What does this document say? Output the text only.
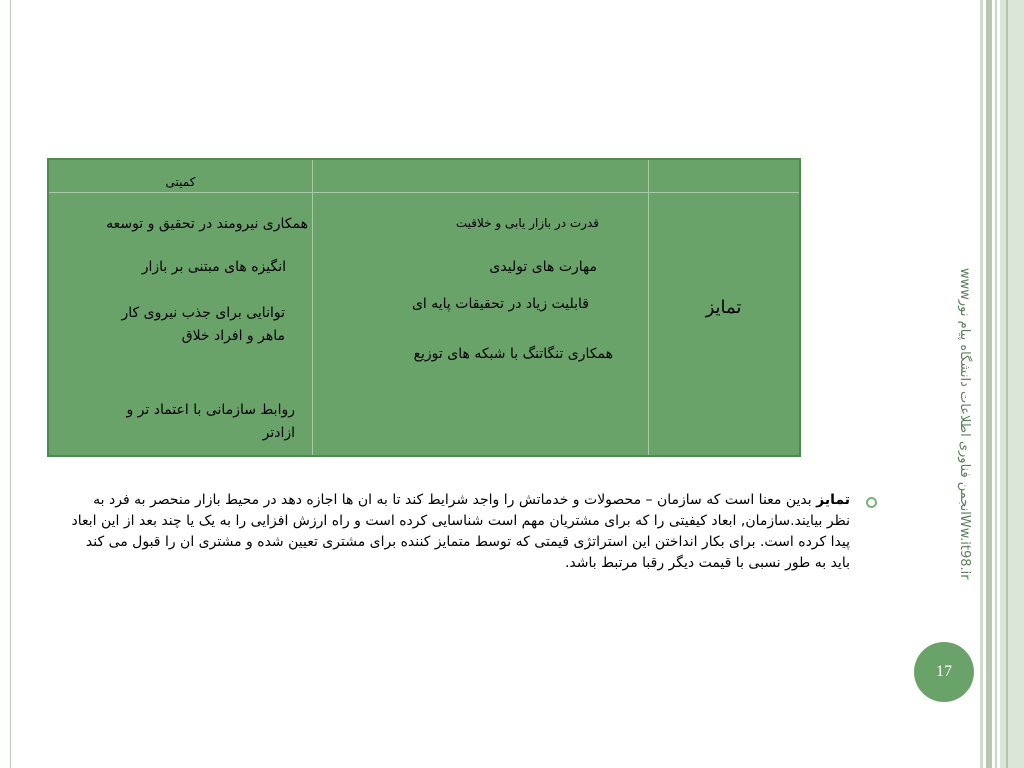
کمیتی
تمایز
قدرت در بازار یابی و خلاقیت
مهارت های تولیدی
قابلیت زیاد در تحقیقات پایه ای
همکاری تنگاتنگ با شبکه های توزیع
همکاری نیرومند در تحقیق و توسعه
انگیزه های مبتنی بر بازار
توانایی برای جذب نیروی کار
ماهر و افراد خلاق
روابط سازمانی با اعتماد تر و
ازادتر
wwwانجمن فناوری اطلاعات دانشگاه پیام نورWw.it98.ir
تمایز بدین معنا است که سازمان – محصولات و خدماتش را واجد شرایط کند تا به ان ها اجازه دهد در محیط بازار منحصر به فرد به نظر بیایند.سازمان, ابعاد کیفیتی را که برای مشتریان مهم است شناسایی کرده است و راه ارزش افزایی را به یک یا چند بعد از این ابعاد پیدا کرده است. برای بکار انداختن این استراتژی قیمتی که توسط متمایز کننده برای مشتری تعیین شده و مشتری ان را قبول می کند باید به طور نسبی با قیمت دیگر رقبا مرتبط باشد.
17
